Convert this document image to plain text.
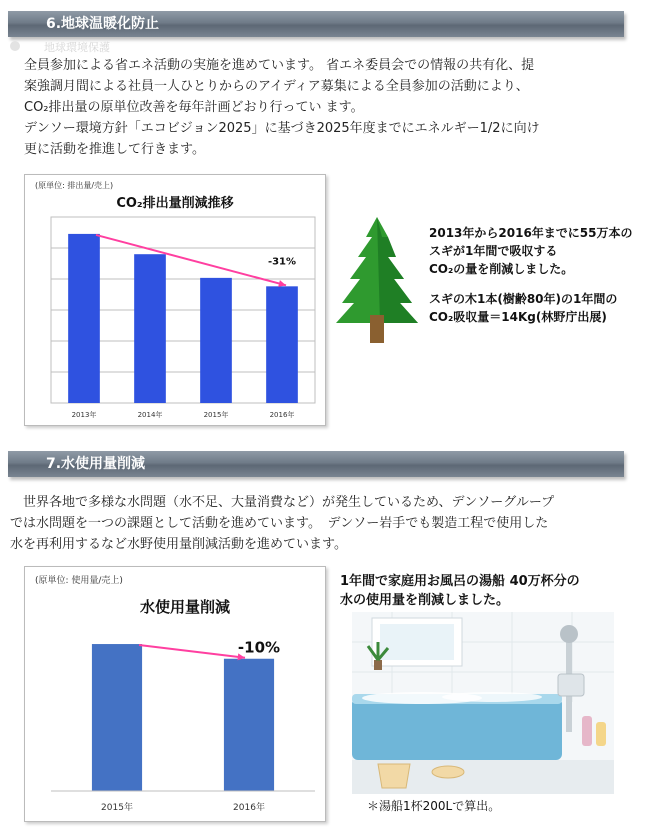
6.地球温暖化防止
地球環境保護
全員参加による省エネ活動の実施を進めています。 省エネ委員会での情報の共有化、提
案強調月間による社員一人ひとりからのアイディア募集による全員参加の活動により、
CO₂排出量の原単位改善を毎年計画どおり行ってい ます。
デンソー環境方針「エコビジョン2025」に基づき2025年度までにエネルギー1/2に向け
更に活動を推進して行きます。
(原単位: 排出量/売上)
CO₂排出量削減推移
2013年	2014年	2015年	2016年
-31%
2013年から2016年までに55万本の
スギが1年間で吸収する
CO₂の量を削減しました。
スギの木1本(樹齢80年)の1年間の
CO₂吸収量＝14Kg(林野庁出展)
7.水使用量削減
　世界各地で多様な水問題（水不足、大量消費など）が発生しているため、デンソーグループ
では水問題を一つの課題として活動を進めています。　デンソー岩手でも製造工程で使用した
水を再利用するなど水野使用量削減活動を進めています。
(原単位: 使用量/売上)
水使用量削減
2015年	2016年
-10%
1年間で家庭用お風呂の湯船 40万杯分の
水の使用量を削減しました。
＊湯船1杯200Lで算出。
